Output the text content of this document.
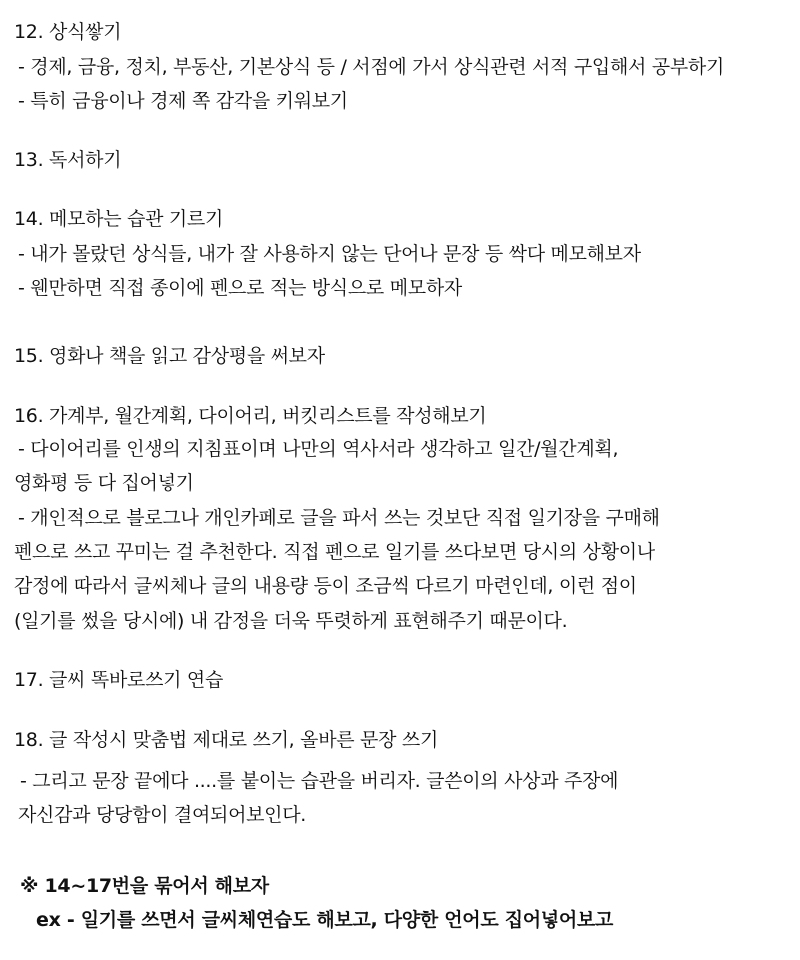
12. 상식쌓기
- 경제, 금융, 정치, 부동산, 기본상식 등 / 서점에 가서 상식관련 서적 구입해서 공부하기
- 특히 금융이나 경제 쪽 감각을 키워보기
13. 독서하기
14. 메모하는 습관 기르기
- 내가 몰랐던 상식들, 내가 잘 사용하지 않는 단어나 문장 등 싹다 메모해보자
- 웬만하면 직접 종이에 펜으로 적는 방식으로 메모하자
15. 영화나 책을 읽고 감상평을 써보자
16. 가계부, 월간계획, 다이어리, 버킷리스트를 작성해보기
- 다이어리를 인생의 지침표이며 나만의 역사서라 생각하고 일간/월간계획,
영화평 등 다 집어넣기
- 개인적으로 블로그나 개인카페로 글을 파서 쓰는 것보단 직접 일기장을 구매해
펜으로 쓰고 꾸미는 걸 추천한다. 직접 펜으로 일기를 쓰다보면 당시의 상황이나
감정에 따라서 글씨체나 글의 내용량 등이 조금씩 다르기 마련인데, 이런 점이
(일기를 썼을 당시에) 내 감정을 더욱 뚜렷하게 표현해주기 때문이다.
17. 글씨 똑바로쓰기 연습
18. 글 작성시 맞춤법 제대로 쓰기, 올바른 문장 쓰기
- 그리고 문장 끝에다 ....를 붙이는 습관을 버리자. 글쓴이의 사상과 주장에
자신감과 당당함이 결여되어보인다.
※ 14~17번을 묶어서 해보자
ex - 일기를 쓰면서 글씨체연습도 해보고, 다양한 언어도 집어넣어보고
